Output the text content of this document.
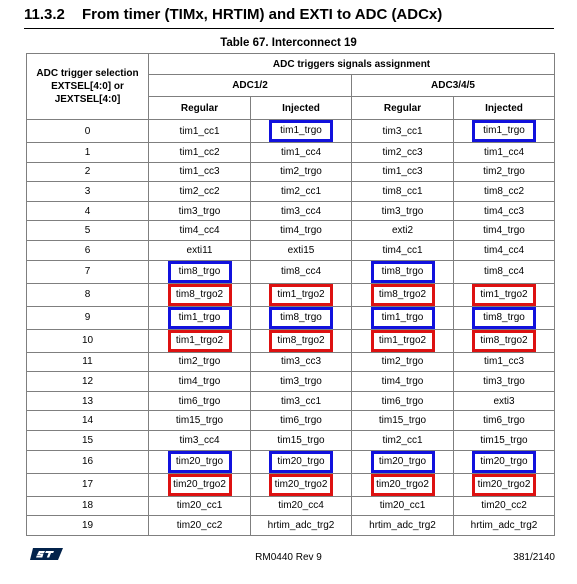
11.3.2 From timer (TIMx, HRTIM) and EXTI to ADC (ADCx)
Table 67. Interconnect 19
ADC trigger selection EXTSEL[4:0] or JEXTSEL[4:0]	ADC triggers signals assignment			
	ADC1/2		ADC3/4/5	
	Regular	Injected	Regular	Injected
0	tim1_cc1	tim1_trgo	tim3_cc1	tim1_trgo

1	tim1_cc2	tim1_cc4	tim2_cc3	tim1_cc4
2	tim1_cc3	tim2_trgo	tim1_cc3	tim2_trgo
3	tim2_cc2	tim2_cc1	tim8_cc1	tim8_cc2
4	tim3_trgo	tim3_cc4	tim3_trgo	tim4_cc3
5	tim4_cc4	tim4_trgo	exti2	tim4_trgo
6	exti11	exti15	tim4_cc1	tim4_cc4
7	tim8_trgo	tim8_cc4	tim8_trgo	tim8_cc4
8	tim8_trgo2	tim1_trgo2	tim8_trgo2	tim1_trgo2

9	tim1_trgo	tim8_trgo	tim1_trgo	tim8_trgo

10	tim1_trgo2	tim8_trgo2	tim1_trgo2	tim8_trgo2

11	tim2_trgo	tim3_cc3	tim2_trgo	tim1_cc3
12	tim4_trgo	tim3_trgo	tim4_trgo	tim3_trgo
13	tim6_trgo	tim3_cc1	tim6_trgo	exti3
14	tim15_trgo	tim6_trgo	tim15_trgo	tim6_trgo
15	tim3_cc4	tim15_trgo	tim2_cc1	tim15_trgo
16	tim20_trgo	tim20_trgo	tim20_trgo	tim20_trgo

17	tim20_trgo2	tim20_trgo2	tim20_trgo2	tim20_trgo2

18	tim20_cc1	tim20_cc4	tim20_cc1	tim20_cc2
19	tim20_cc2	hrtim_adc_trg2	hrtim_adc_trg2	hrtim_adc_trg2
RM0440 Rev 9	381/2140
